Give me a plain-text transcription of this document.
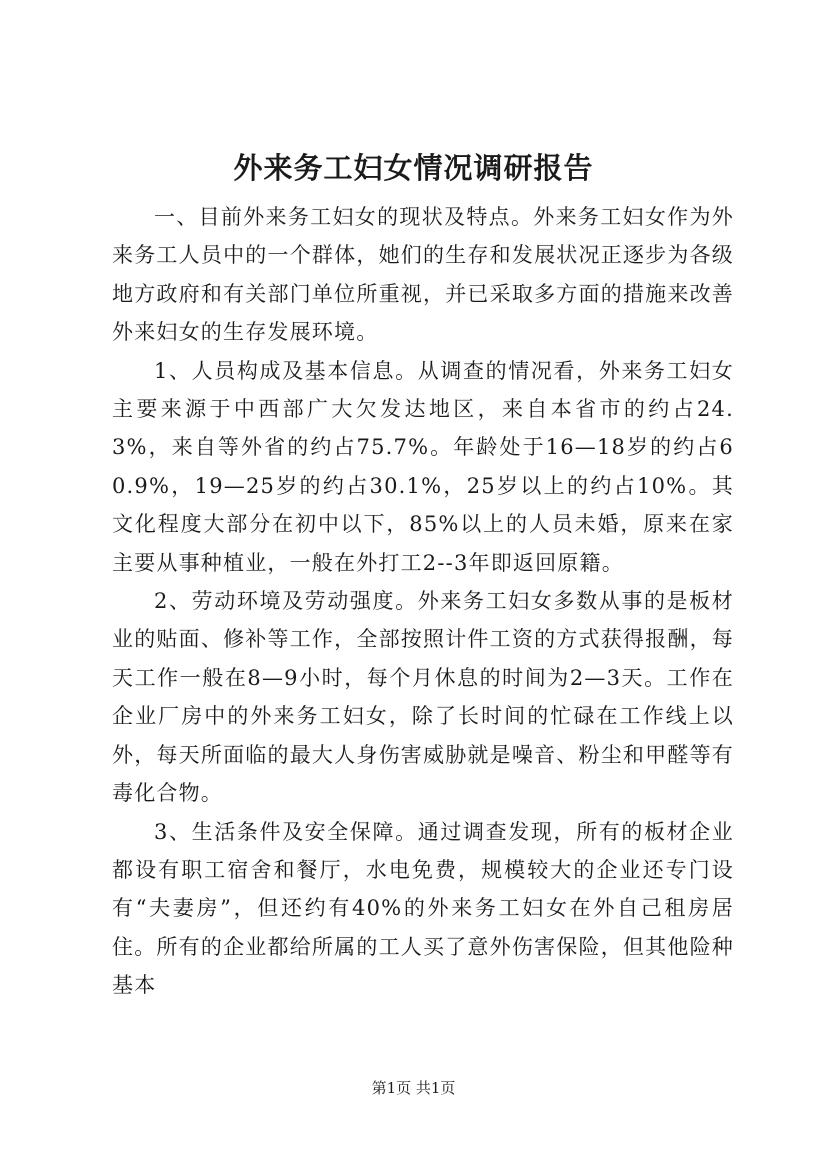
外来务工妇女情况调研报告

一、目前外来务工妇女的现状及特点。外来务工妇女作为外来务工人员中的一个群体，她们的生存和发展状况正逐步为各级地方政府和有关部门单位所重视，并已采取多方面的措施来改善外来妇女的生存发展环境。

1、人员构成及基本信息。从调查的情况看，外来务工妇女主要来源于中西部广大欠发达地区，来自本省市的约占24.3%，来自等外省的约占75.7%。年龄处于16—18岁的约占60.9%，19—25岁的约占30.1%，25岁以上的约占10%。其文化程度大部分在初中以下，85%以上的人员未婚，原来在家主要从事种植业，一般在外打工2--3年即返回原籍。

2、劳动环境及劳动强度。外来务工妇女多数从事的是板材业的贴面、修补等工作，全部按照计件工资的方式获得报酬，每天工作一般在8—9小时，每个月休息的时间为2—3天。工作在企业厂房中的外来务工妇女，除了长时间的忙碌在工作线上以外，每天所面临的最大人身伤害威胁就是噪音、粉尘和甲醛等有毒化合物。

3、生活条件及安全保障。通过调查发现，所有的板材企业都设有职工宿舍和餐厅，水电免费，规模较大的企业还专门设有“夫妻房”，但还约有40%的外来务工妇女在外自己租房居住。所有的企业都给所属的工人买了意外伤害保险，但其他险种基本

第1页 共1页
